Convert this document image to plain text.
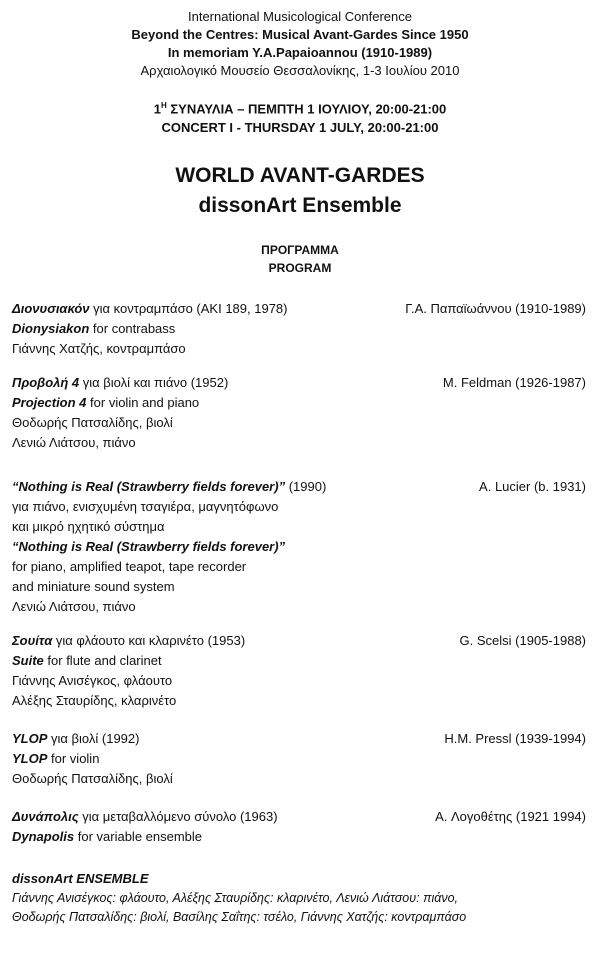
International Musicological Conference
Beyond the Centres: Musical Avant-Gardes Since 1950
In memoriam Y.A.Papaioannou (1910-1989)
Αρχαιολογικό Μουσείο Θεσσαλονίκης, 1-3 Ιουλίου 2010
$1^H$ ΣΥΝΑΥΛΙΑ – ΠΕΜΠΤΗ 1 ΙΟΥΛΙΟΥ, 20:00-21:00
CONCERT I - THURSDAY 1 JULY, 20:00-21:00
WORLD AVANT-GARDES
dissonArt Ensemble
ΠΡΟΓΡΑΜΜΑ
PROGRAM
Διονυσιακόν για κοντραμπάσο (ΑΚΙ 189, 1978)	Γ.Α. Παπαϊωάννου (1910-1989)
Dionysiakon for contrabass
Γιάννης Χατζής, κοντραμπάσο
Προβολή 4 για βιολί και πιάνο (1952)	M. Feldman (1926-1987)
Projection 4 for violin and piano
Θοδωρής Πατσαλίδης, βιολί
Λενιώ Λιάτσου, πιάνο
“Nothing is Real (Strawberry fields forever)” (1990)	A. Lucier (b. 1931)
για πιάνο, ενισχυμένη τσαγιέρα, μαγνητόφωνο
και μικρό ηχητικό σύστημα
“Nothing is Real (Strawberry fields forever)”
for piano, amplified teapot, tape recorder
and miniature sound system
Λενιώ Λιάτσου, πιάνο
Σουίτα για φλάουτο και κλαρινέτο (1953)	G. Scelsi (1905-1988)
Suite for flute and clarinet
Γιάννης Ανισέγκος, φλάουτο
Αλέξης Σταυρίδης, κλαρινέτο
YLOP για βιολί (1992)	H.M. Pressl (1939-1994)
YLOP for violin
Θοδωρής Πατσαλίδης, βιολί
Δυνάπολις για μεταβαλλόμενο σύνολο (1963)	A. Λογοθέτης (1921 1994)
Dynapolis for variable ensemble
dissonArt ENSEMBLE
Γιάννης Ανισέγκος: φλάουτο, Αλέξης Σταυρίδης: κλαρινέτο, Λενιώ Λιάτσου: πιάνο,
Θοδωρής Πατσαλίδης: βιολί, Βασίλης Σαΐτης: τσέλο, Γιάννης Χατζής: κοντραμπάσο
